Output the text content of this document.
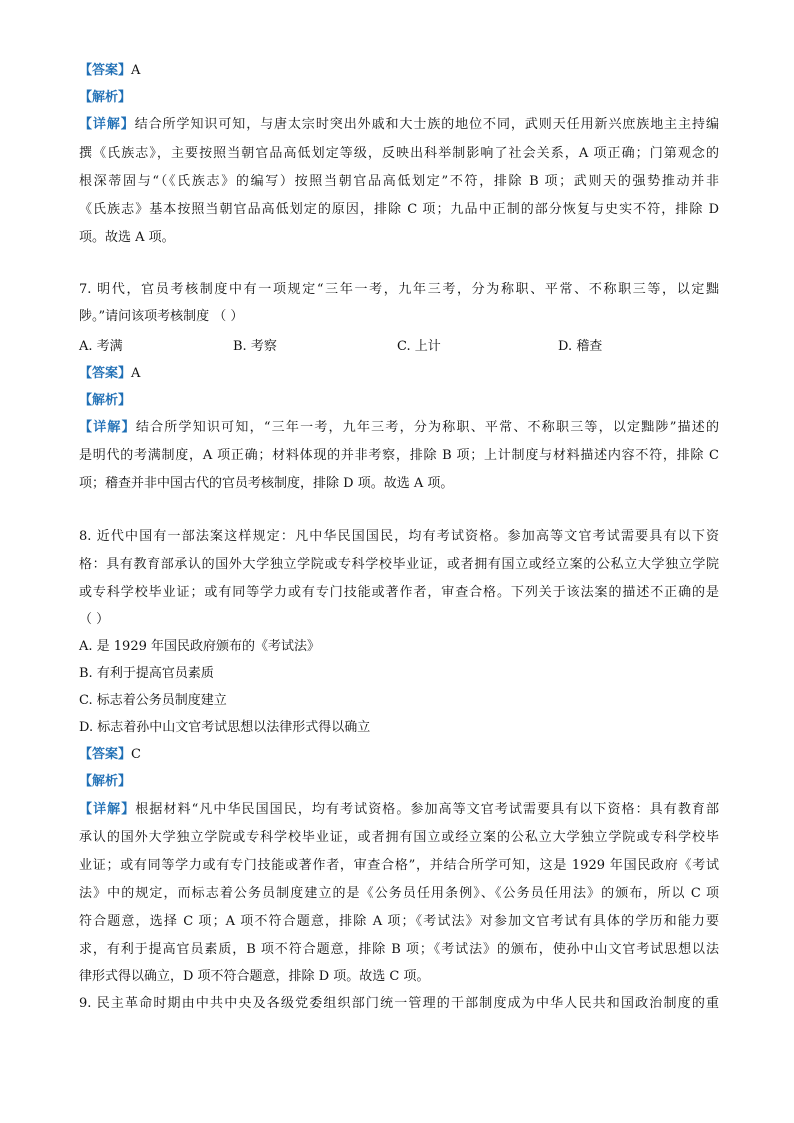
【答案】A
【解析】
【详解】结合所学知识可知，与唐太宗时突出外戚和大士族的地位不同，武则天任用新兴庶族地主主持编
撰《氏族志》，主要按照当朝官品高低划定等级，反映出科举制影响了社会关系，A 项正确；门第观念的
根深蒂固与“（《氏族志》的编写）按照当朝官品高低划定”不符，排除 B 项；武则天的强势推动并非
《氏族志》基本按照当朝官品高低划定的原因，排除 C 项；九品中正制的部分恢复与史实不符，排除 D
项。故选 A 项。
7. 明代，官员考核制度中有一项规定“三年一考，九年三考，分为称职、平常、不称职三等，以定黜
陟。”请问该项考核制度 （ ）
A. 考满	B. 考察	C. 上计	D. 稽查
【答案】A
【解析】
【详解】结合所学知识可知，“三年一考，九年三考，分为称职、平常、不称职三等，以定黜陟”描述的
是明代的考满制度，A 项正确；材料体现的并非考察，排除 B 项；上计制度与材料描述内容不符，排除 C
项；稽查并非中国古代的官员考核制度，排除 D 项。故选 A 项。
8. 近代中国有一部法案这样规定：凡中华民国国民，均有考试资格。参加高等文官考试需要具有以下资
格：具有教育部承认的国外大学独立学院或专科学校毕业证，或者拥有国立或经立案的公私立大学独立学院
或专科学校毕业证；或有同等学力或有专门技能或著作者，审查合格。下列关于该法案的描述不正确的是
（ ）
A. 是 1929 年国民政府颁布的《考试法》
B. 有利于提高官员素质
C. 标志着公务员制度建立
D. 标志着孙中山文官考试思想以法律形式得以确立
【答案】C
【解析】
【详解】根据材料“凡中华民国国民，均有考试资格。参加高等文官考试需要具有以下资格：具有教育部
承认的国外大学独立学院或专科学校毕业证，或者拥有国立或经立案的公私立大学独立学院或专科学校毕
业证；或有同等学力或有专门技能或著作者，审查合格”，并结合所学可知，这是 1929 年国民政府《考试
法》中的规定，而标志着公务员制度建立的是《公务员任用条例》、《公务员任用法》的颁布，所以 C 项
符合题意，选择 C 项；A 项不符合题意，排除 A 项；《考试法》对参加文官考试有具体的学历和能力要
求，有利于提高官员素质，B 项不符合题意，排除 B 项；《考试法》的颁布，使孙中山文官考试思想以法
律形式得以确立，D 项不符合题意，排除 D 项。故选 C 项。
9. 民主革命时期由中共中央及各级党委组织部门统一管理的干部制度成为中华人民共和国政治制度的重
